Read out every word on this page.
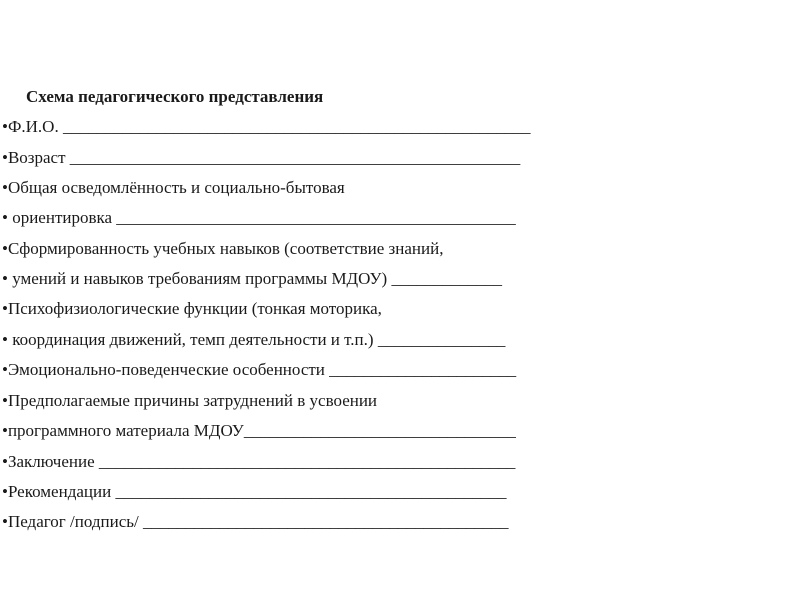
Схема педагогического представления
•Ф.И.О. _______________________________________________________
•Возраст _____________________________________________________
•Общая осведомлённость и социально-бытовая
• ориентировка _______________________________________________
•Сформированность учебных навыков (соответствие знаний,
• умений и навыков требованиям программы МДОУ) _____________
•Психофизиологические функции (тонкая моторика,
• координация движений, темп деятельности и т.п.) _______________
•Эмоционально-поведенческие особенности ______________________
•Предполагаемые причины затруднений в усвоении
•программного материала МДОУ________________________________
•Заключение _________________________________________________
•Рекомендации ______________________________________________
•Педагог /подпись/ ___________________________________________
